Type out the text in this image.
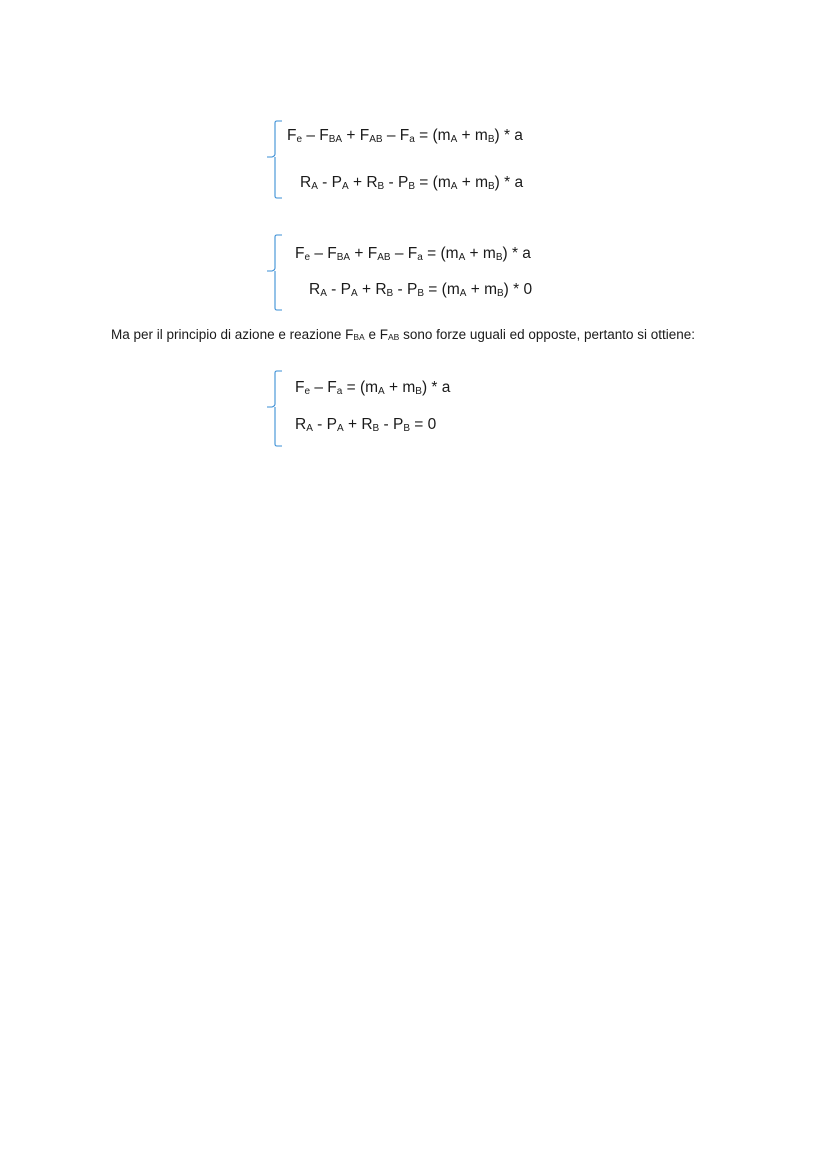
$F_e - F_{BA} + F_{AB} - F_a = (m_A + m_B) * a$
$R_A - P_A + R_B - P_B = (m_A + m_B) * a$
$F_e - F_{BA} + F_{AB} - F_a = (m_A + m_B) * a$
$R_A - P_A + R_B - P_B = (m_A + m_B) * 0$
Ma per il principio di azione e reazione $F_{BA}$ e $F_{AB}$ sono forze uguali ed opposte, pertanto si ottiene:
$F_e - F_a = (m_A + m_B) * a$
$R_A - P_A + R_B - P_B = 0$
